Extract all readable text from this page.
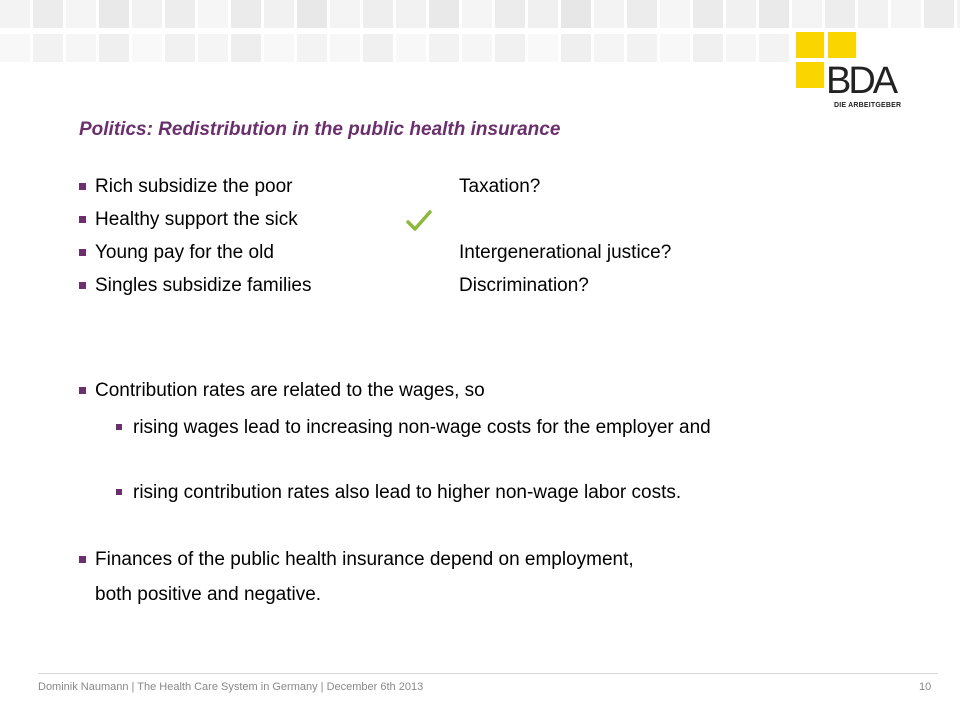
BDA
DIE ARBEITGEBER
Politics: Redistribution in the public health insurance
Rich subsidize the poor	Taxation?
Healthy support the sick
Young pay for the old	Intergenerational justice?
Singles subsidize families	Discrimination?
Contribution rates are related to the wages, so
rising wages lead to increasing non-wage costs for the employer and
rising contribution rates also lead to higher non-wage labor costs.
Finances of the public health insurance depend on employment,
both positive and negative.
Dominik Naumann | The Health Care System in Germany | December 6th 2013	10
